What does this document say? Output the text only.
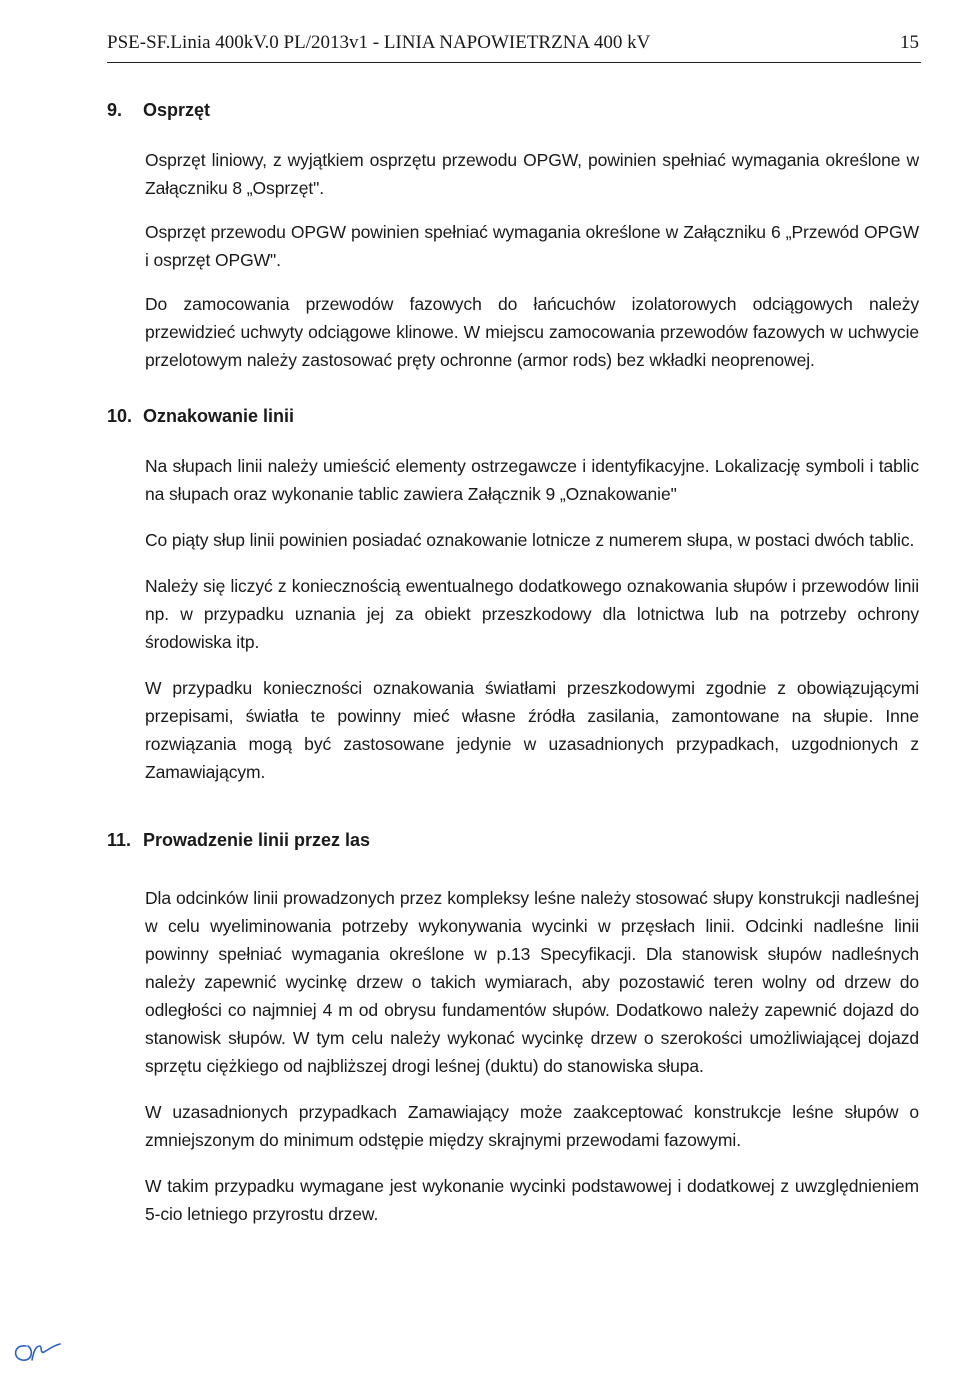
PSE-SF.Linia 400kV.0 PL/2013v1 - LINIA NAPOWIETRZNA 400 kV	15
9. Osprzęt

Osprzęt liniowy, z wyjątkiem osprzętu przewodu OPGW, powinien spełniać wymagania określone w Załączniku 8 „Osprzęt".

Osprzęt przewodu OPGW powinien spełniać wymagania określone w Załączniku 6 „Przewód OPGW i osprzęt OPGW".

Do zamocowania przewodów fazowych do łańcuchów izolatorowych odciągowych należy przewidzieć uchwyty odciągowe klinowe. W miejscu zamocowania przewodów fazowych w uchwycie przelotowym należy zastosować pręty ochronne (armor rods) bez wkładki neoprenowej.

10. Oznakowanie linii

Na słupach linii należy umieścić elementy ostrzegawcze i identyfikacyjne. Lokalizację symboli i tablic na słupach oraz wykonanie tablic zawiera Załącznik 9 „Oznakowanie"

Co piąty słup linii powinien posiadać oznakowanie lotnicze z numerem słupa, w postaci dwóch tablic.

Należy się liczyć z koniecznością ewentualnego dodatkowego oznakowania słupów i przewodów linii np. w przypadku uznania jej za obiekt przeszkodowy dla lotnictwa lub na potrzeby ochrony środowiska itp.

W przypadku konieczności oznakowania światłami przeszkodowymi zgodnie z obowiązującymi przepisami, światła te powinny mieć własne źródła zasilania, zamontowane na słupie. Inne rozwiązania mogą być zastosowane jedynie w uzasadnionych przypadkach, uzgodnionych z Zamawiającym.

11. Prowadzenie linii przez las

Dla odcinków linii prowadzonych przez kompleksy leśne należy stosować słupy konstrukcji nadleśnej w celu wyeliminowania potrzeby wykonywania wycinki w przęsłach linii. Odcinki nadleśne linii powinny spełniać wymagania określone w p.13 Specyfikacji. Dla stanowisk słupów nadleśnych należy zapewnić wycinkę drzew o takich wymiarach, aby pozostawić teren wolny od drzew do odległości co najmniej 4 m od obrysu fundamentów słupów. Dodatkowo należy zapewnić dojazd do stanowisk słupów. W tym celu należy wykonać wycinkę drzew o szerokości umożliwiającej dojazd sprzętu ciężkiego od najbliższej drogi leśnej (duktu) do stanowiska słupa.

W uzasadnionych przypadkach Zamawiający może zaakceptować konstrukcje leśne słupów o zmniejszonym do minimum odstępie między skrajnymi przewodami fazowymi.

W takim przypadku wymagane jest wykonanie wycinki podstawowej i dodatkowej z uwzględnieniem 5-cio letniego przyrostu drzew.
